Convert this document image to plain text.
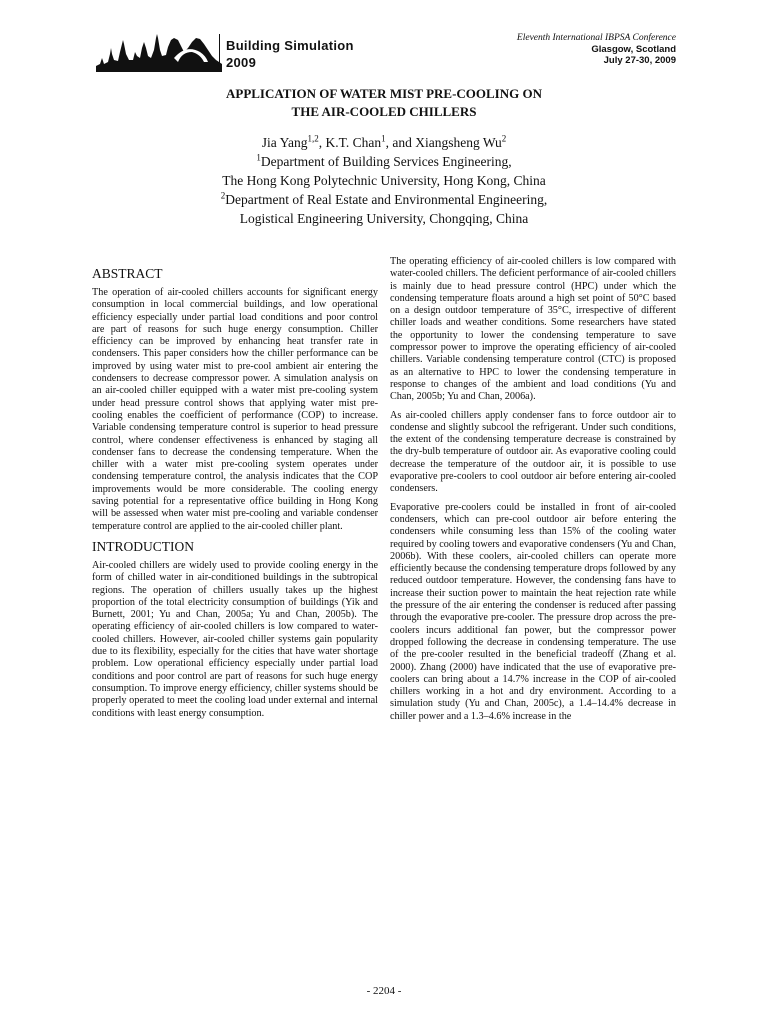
Building Simulation
2009
Eleventh International IBPSA Conference
Glasgow, Scotland
July 27-30, 2009
APPLICATION OF WATER MIST PRE-COOLING ON
THE AIR-COOLED CHILLERS
Jia Yang$^{1,2}$, K.T. Chan$^1$, and Xiangsheng Wu$^2$
$^1$Department of Building Services Engineering,
The Hong Kong Polytechnic University, Hong Kong, China
$^2$Department of Real Estate and Environmental Engineering,
Logistical Engineering University, Chongqing, China
ABSTRACT

The operation of air-cooled chillers accounts for significant energy consumption in local commercial buildings, and low operational efficiency especially under partial load conditions and poor control are part of reasons for such huge energy consumption. Chiller efficiency can be improved by enhancing heat transfer rate in condensers. This paper considers how the chiller performance can be improved by using water mist to pre-cool ambient air entering the condensers to decrease compressor power. A simulation analysis on an air-cooled chiller equipped with a water mist pre-cooling system under head pressure control shows that applying water mist pre-cooling enables the coefficient of performance (COP) to increase. Variable condensing temperature control is superior to head pressure control, where condenser effectiveness is enhanced by staging all condenser fans to decrease the condensing temperature. When the chiller with a water mist pre-cooling system operates under condensing temperature control, the analysis indicates that the COP improvements would be more considerable. The cooling energy saving potential for a representative office building in Hong Kong will be assessed when water mist pre-cooling and variable condenser temperature control are applied to the air-cooled chiller plant.

INTRODUCTION

Air-cooled chillers are widely used to provide cooling energy in the form of chilled water in air-conditioned buildings in the subtropical regions. The operation of chillers usually takes up the highest proportion of the total electricity consumption of buildings (Yik and Burnett, 2001; Yu and Chan, 2005a; Yu and Chan, 2005b). The operating efficiency of air-cooled chillers is low compared to water-cooled chillers. However, air-cooled chiller systems gain popularity due to its flexibility, especially for the cities that have water shortage problem. Low operational efficiency especially under partial load conditions and poor control are part of reasons for such huge energy consumption. To improve energy efficiency, chiller systems should be properly operated to meet the cooling load under external and internal conditions with least energy consumption.

The operating efficiency of air-cooled chillers is low compared with water-cooled chillers. The deficient performance of air-cooled chillers is mainly due to head pressure control (HPC) under which the condensing temperature floats around a high set point of 50°C based on a design outdoor temperature of 35°C, irrespective of different chiller loads and weather conditions. Some researchers have stated the opportunity to lower the condensing temperature to save compressor power to improve the operating efficiency of air-cooled chillers. Variable condensing temperature control (CTC) is proposed as an alternative to HPC to lower the condensing temperature in response to changes of the ambient and load conditions (Yu and Chan, 2005b; Yu and Chan, 2006a).

As air-cooled chillers apply condenser fans to force outdoor air to condense and slightly subcool the refrigerant. Under such conditions, the extent of the condensing temperature decrease is constrained by the dry-bulb temperature of outdoor air. As evaporative cooling could decrease the temperature of the outdoor air, it is possible to use evaporative pre-coolers to cool outdoor air before entering air-cooled condensers.

Evaporative pre-coolers could be installed in front of air-cooled condensers, which can pre-cool outdoor air before entering the condensers while consuming less than 15% of the cooling water required by cooling towers and evaporative condensers (Yu and Chan, 2006b). With these coolers, air-cooled chillers can operate more efficiently because the condensing temperature drops followed by any reduced outdoor temperature. However, the condensing fans have to increase their suction power to maintain the heat rejection rate while the pressure of the air entering the condenser is reduced after passing through the evaporative pre-cooler. The pressure drop across the pre-coolers incurs additional fan power, but the compressor power dropped following the decrease in condensing temperature. The use of the pre-cooler resulted in the beneficial tradeoff (Zhang et al. 2000). Zhang (2000) have indicated that the use of evaporative pre-coolers can bring about a 14.7% increase in the COP of air-cooled chillers working in a hot and dry environment. According to a simulation study (Yu and Chan, 2005c), a 1.4–14.4% decrease in chiller power and a 1.3–4.6% increase in the

- 2204 -
